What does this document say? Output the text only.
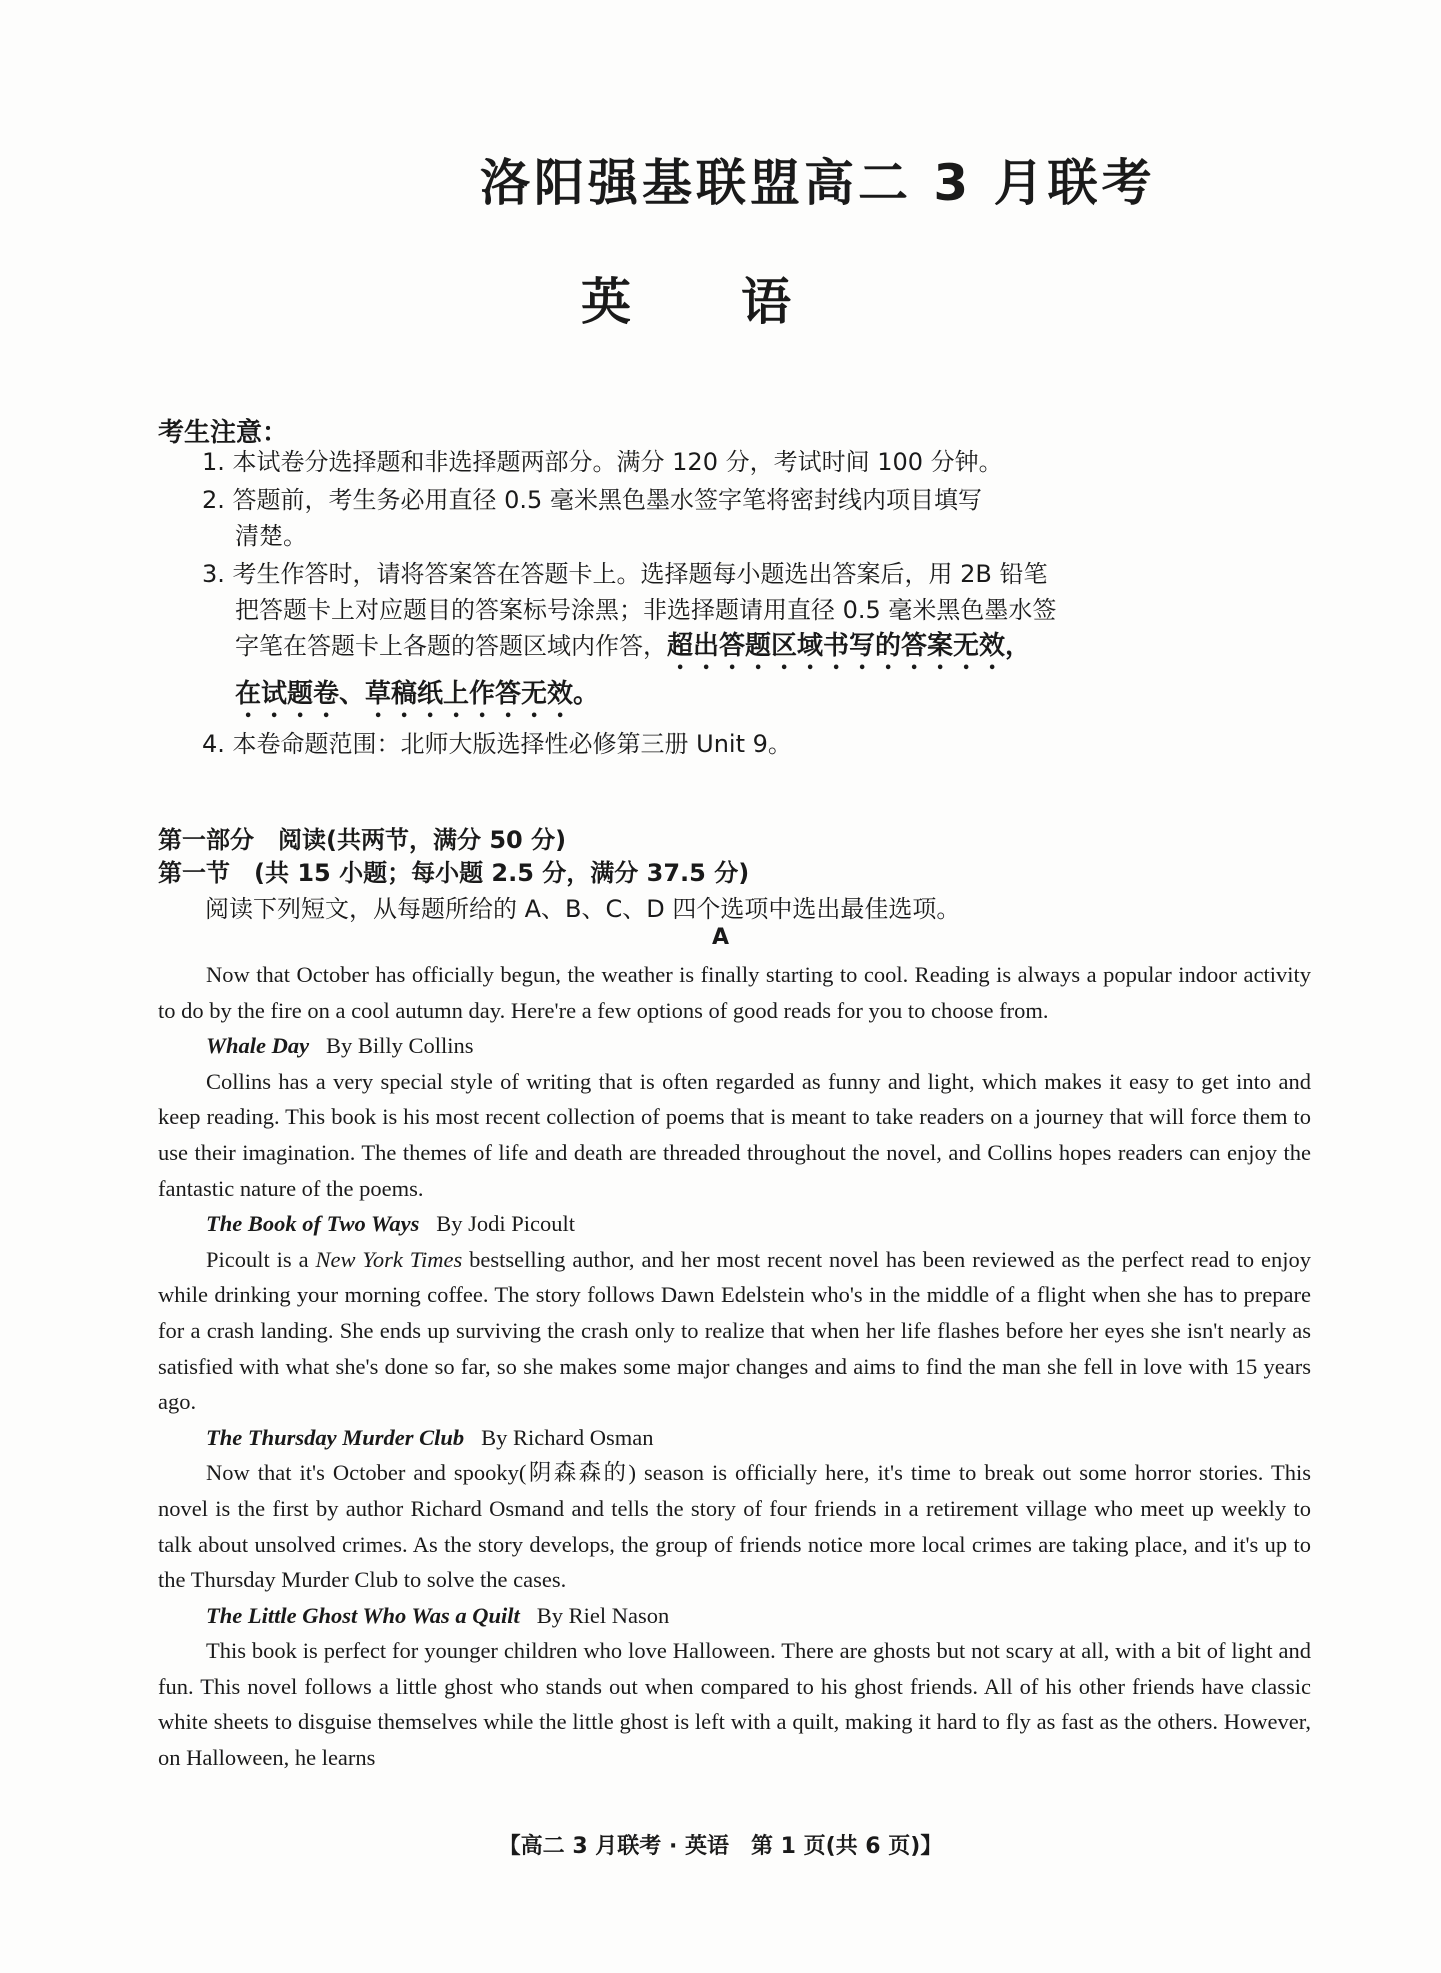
洛阳强基联盟高二 3 月联考
英语
考生注意：

1. 本试卷分选择题和非选择题两部分。满分 120 分，考试时间 100 分钟。

2. 答题前，考生务必用直径 0.5 毫米黑色墨水签字笔将密封线内项目填写
清楚。

3. 考生作答时，请将答案答在答题卡上。选择题每小题选出答案后，用 2B 铅笔
把答题卡上对应题目的答案标号涂黑；非选择题请用直径 0.5 毫米黑色墨水签
字笔在答题卡上各题的答题区域内作答，超出答题区域书写的答案无效，
在试题卷、草稿纸上作答无效。

4. 本卷命题范围：北师大版选择性必修第三册 Unit 9。

第一部分　阅读(共两节，满分 50 分)
第一节　(共 15 小题；每小题 2.5 分，满分 37.5 分)
阅读下列短文，从每题所给的 A、B、C、D 四个选项中选出最佳选项。
A

Now that October has officially begun, the weather is finally starting to cool. Reading is always a popular indoor activity to do by the fire on a cool autumn day. Here're a few options of good reads for you to choose from.

Whale Day By Billy Collins

Collins has a very special style of writing that is often regarded as funny and light, which makes it easy to get into and keep reading. This book is his most recent collection of poems that is meant to take readers on a journey that will force them to use their imagination. The themes of life and death are threaded throughout the novel, and Collins hopes readers can enjoy the fantastic nature of the poems.

The Book of Two Ways By Jodi Picoult

Picoult is a New York Times bestselling author, and her most recent novel has been reviewed as the perfect read to enjoy while drinking your morning coffee. The story follows Dawn Edelstein who's in the middle of a flight when she has to prepare for a crash landing. She ends up surviving the crash only to realize that when her life flashes before her eyes she isn't nearly as satisfied with what she's done so far, so she makes some major changes and aims to find the man she fell in love with 15 years ago.

The Thursday Murder Club By Richard Osman

Now that it's October and spooky(阴森森的) season is officially here, it's time to break out some horror stories. This novel is the first by author Richard Osmand and tells the story of four friends in a retirement village who meet up weekly to talk about unsolved crimes. As the story develops, the group of friends notice more local crimes are taking place, and it's up to the Thursday Murder Club to solve the cases.

The Little Ghost Who Was a Quilt By Riel Nason

This book is perfect for younger children who love Halloween. There are ghosts but not scary at all, with a bit of light and fun. This novel follows a little ghost who stands out when compared to his ghost friends. All of his other friends have classic white sheets to disguise themselves while the little ghost is left with a quilt, making it hard to fly as fast as the others. However, on Halloween, he learns

【高二 3 月联考 · 英语　第 1 页(共 6 页)】
